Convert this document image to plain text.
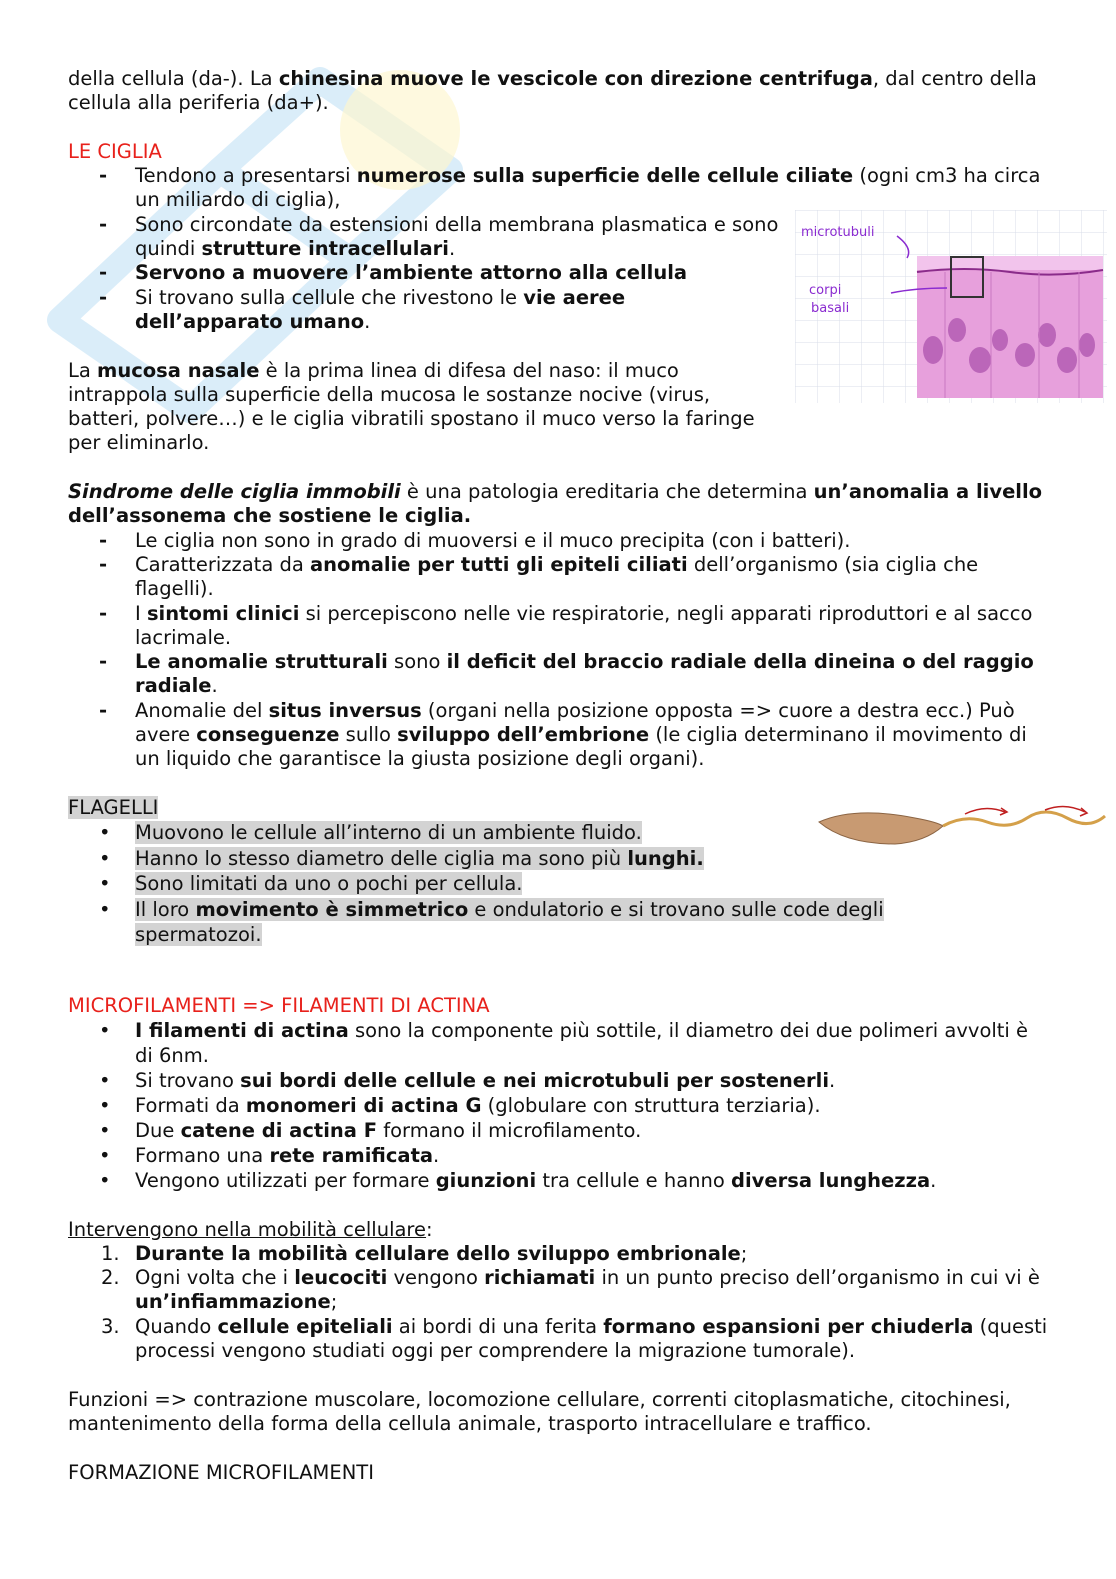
della cellula (da-). La chinesina muove le vescicole con direzione centrifuga, dal centro della cellula alla periferia (da+).

LE CIGLIA

- Tendono a presentarsi numerose sulla superficie delle cellule ciliate (ogni cm3 ha circa un miliardo di ciglia),
- Sono circondate da estensioni della membrana plasmatica e sono quindi strutture intracellulari.
- Servono a muovere l’ambiente attorno alla cellula
- Si trovano sulla cellule che rivestono le vie aeree dell’apparato umano.

La mucosa nasale è la prima linea di difesa del naso: il muco intrappola sulla superficie della mucosa le sostanze nocive (virus, batteri, polvere…) e le ciglia vibratili spostano il muco verso la faringe per eliminarlo.

Sindrome delle ciglia immobili è una patologia ereditaria che determina un’anomalia a livello dell’assonema che sostiene le ciglia.

- Le ciglia non sono in grado di muoversi e il muco precipita (con i batteri).
- Caratterizzata da anomalie per tutti gli epiteli ciliati dell’organismo (sia ciglia che flagelli).
- I sintomi clinici si percepiscono nelle vie respiratorie, negli apparati riproduttori e al sacco lacrimale.
- Le anomalie strutturali sono il deficit del braccio radiale della dineina o del raggio radiale.
- Anomalie del situs inversus (organi nella posizione opposta => cuore a destra ecc.) Può avere conseguenze sullo sviluppo dell’embrione (le ciglia determinano il movimento di un liquido che garantisce la giusta posizione degli organi).

FLAGELLI

• Muovono le cellule all’interno di un ambiente fluido.
• Hanno lo stesso diametro delle ciglia ma sono più lunghi.
• Sono limitati da uno o pochi per cellula.
• Il loro movimento è simmetrico e ondulatorio e si trovano sulle code degli spermatozoi.

MICROFILAMENTI => FILAMENTI DI ACTINA

• I filamenti di actina sono la componente più sottile, il diametro dei due polimeri avvolti è di 6nm.
• Si trovano sui bordi delle cellule e nei microtubuli per sostenerli.
• Formati da monomeri di actina G (globulare con struttura terziaria).
• Due catene di actina F formano il microfilamento.
• Formano una rete ramificata.
• Vengono utilizzati per formare giunzioni tra cellule e hanno diversa lunghezza.

Intervengono nella mobilità cellulare:

1. Durante la mobilità cellulare dello sviluppo embrionale;
2. Ogni volta che i leucociti vengono richiamati in un punto preciso dell’organismo in cui vi è un’infiammazione;
3. Quando cellule epiteliali ai bordi di una ferita formano espansioni per chiuderla (questi processi vengono studiati oggi per comprendere la migrazione tumorale).

Funzioni => contrazione muscolare, locomozione cellulare, correnti citoplasmatiche, citochinesi, mantenimento della forma della cellula animale, trasporto intracellulare e traffico.

FORMAZIONE MICROFILAMENTI

microtubuli
corpi
basali
